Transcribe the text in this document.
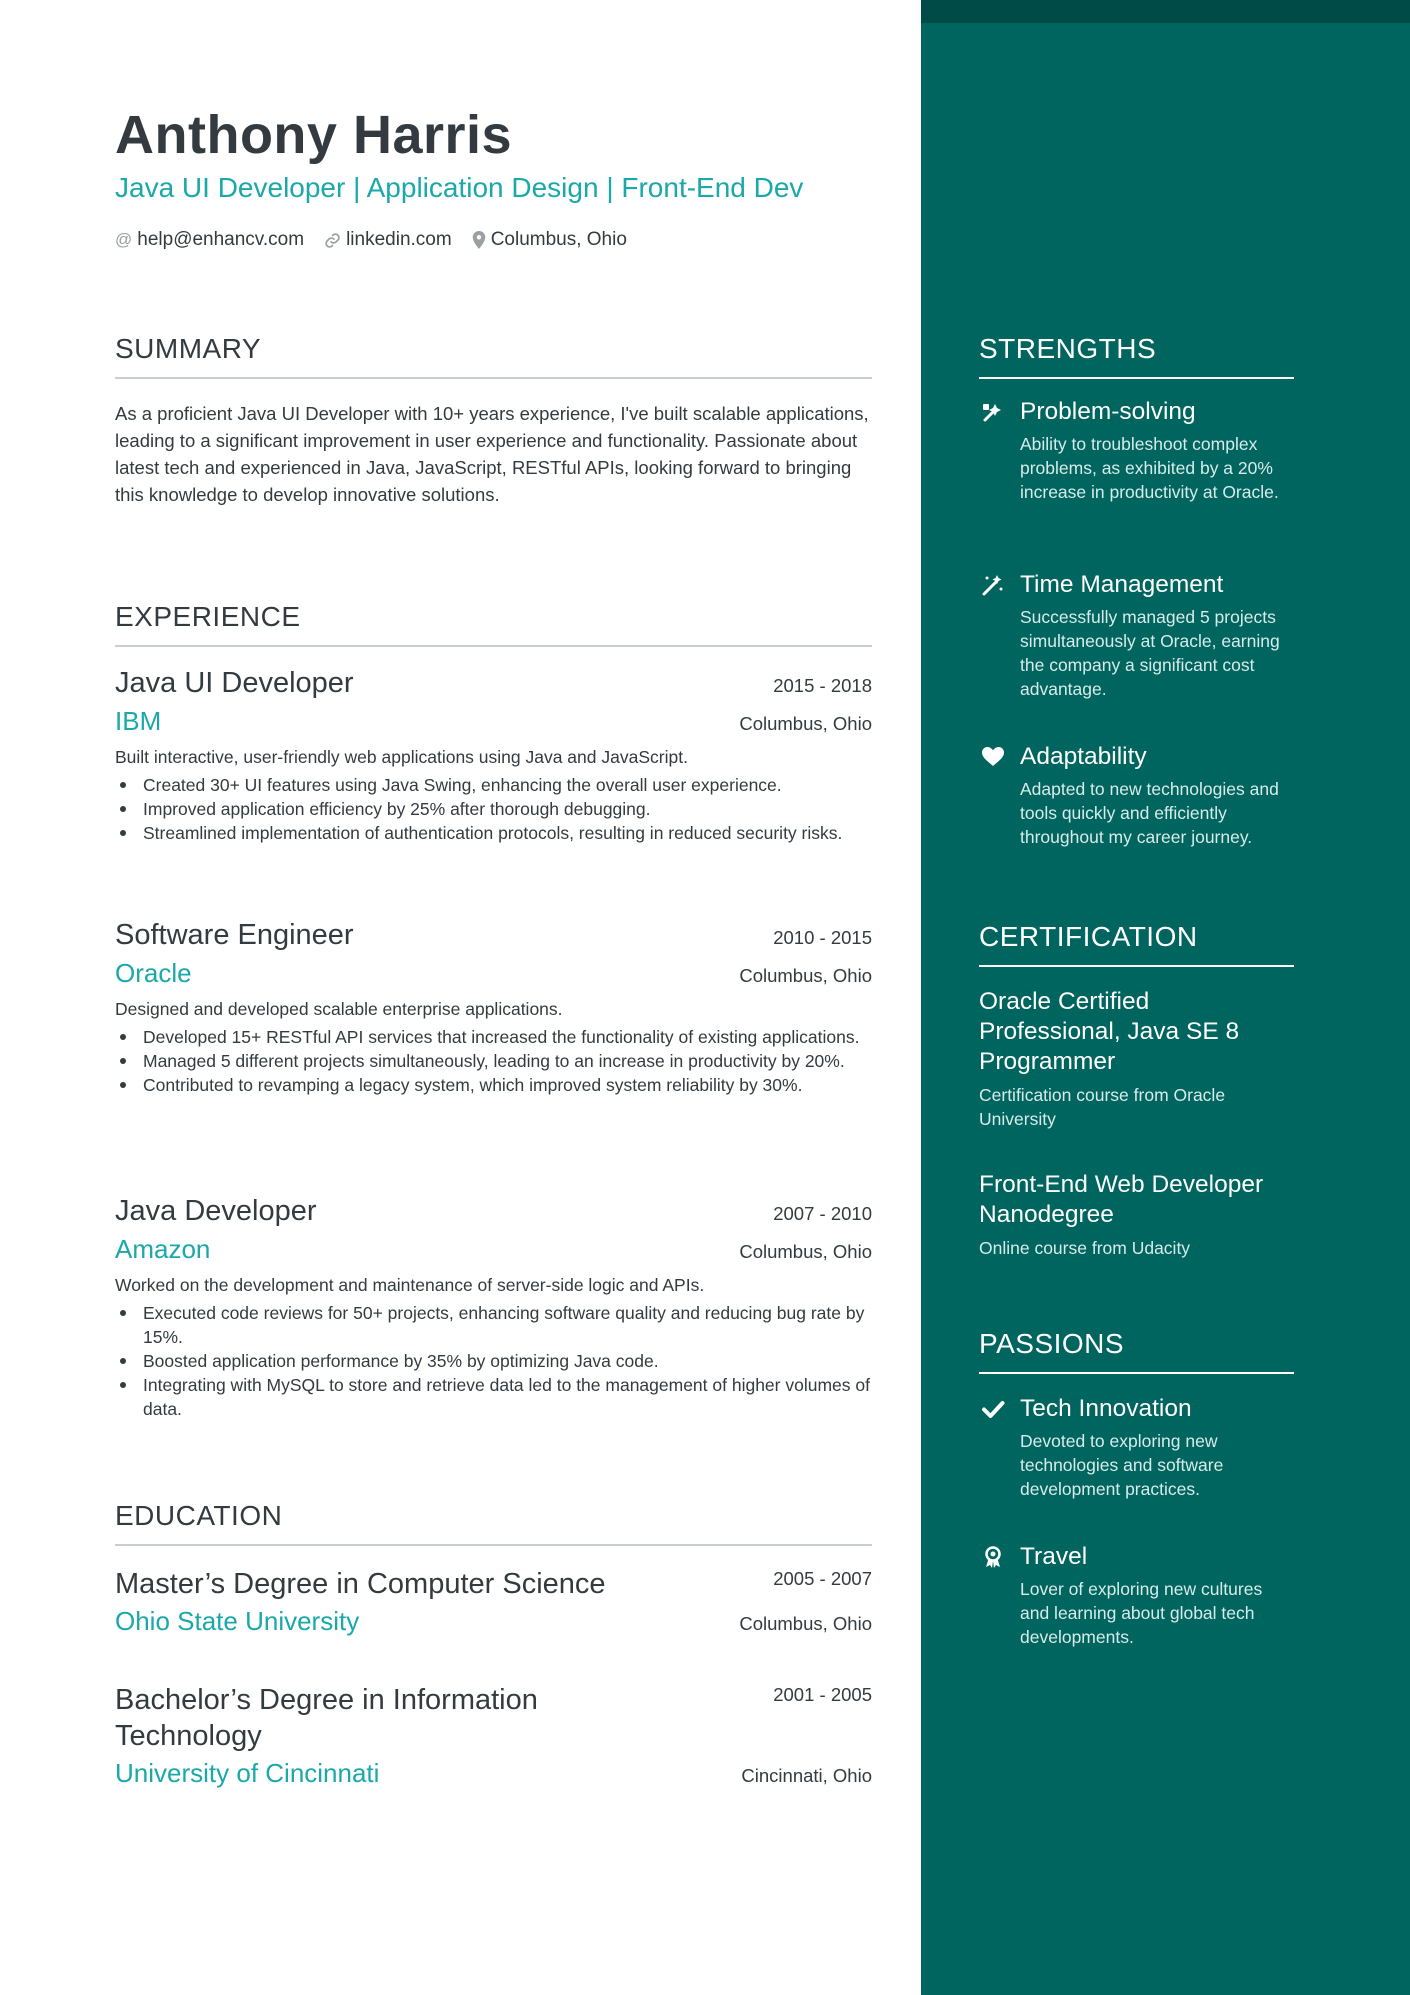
Anthony Harris
Java UI Developer | Application Design | Front-End Dev
@ help@enhancv.com linkedin.com Columbus, Ohio
SUMMARY
As a proficient Java UI Developer with 10+ years experience, I've built scalable applications, leading to a significant improvement in user experience and functionality. Passionate about latest tech and experienced in Java, JavaScript, RESTful APIs, looking forward to bringing this knowledge to develop innovative solutions.
EXPERIENCE
Java UI Developer	2015 - 2018
IBM	Columbus, Ohio
Built interactive, user-friendly web applications using Java and JavaScript.
Created 30+ UI features using Java Swing, enhancing the overall user experience.
Improved application efficiency by 25% after thorough debugging.
Streamlined implementation of authentication protocols, resulting in reduced security risks.
Software Engineer	2010 - 2015
Oracle	Columbus, Ohio
Designed and developed scalable enterprise applications.
Developed 15+ RESTful API services that increased the functionality of existing applications.
Managed 5 different projects simultaneously, leading to an increase in productivity by 20%.
Contributed to revamping a legacy system, which improved system reliability by 30%.
Java Developer	2007 - 2010
Amazon	Columbus, Ohio
Worked on the development and maintenance of server-side logic and APIs.
Executed code reviews for 50+ projects, enhancing software quality and reducing bug rate by 15%.
Boosted application performance by 35% by optimizing Java code.
Integrating with MySQL to store and retrieve data led to the management of higher volumes of data.
EDUCATION
Master’s Degree in Computer Science	2005 - 2007
Ohio State University	Columbus, Ohio
Bachelor’s Degree in Information Technology
2001 - 2005
University of Cincinnati	Cincinnati, Ohio
STRENGTHS
Problem-solving
Ability to troubleshoot complex problems, as exhibited by a 20% increase in productivity at Oracle.
Time Management
Successfully managed 5 projects simultaneously at Oracle, earning the company a significant cost advantage.
Adaptability
Adapted to new technologies and tools quickly and efficiently throughout my career journey.
CERTIFICATION
Oracle Certified Professional, Java SE 8 Programmer
Certification course from Oracle University
Front-End Web Developer Nanodegree
Online course from Udacity
PASSIONS
Tech Innovation
Devoted to exploring new technologies and software development practices.
Travel
Lover of exploring new cultures and learning about global tech developments.
